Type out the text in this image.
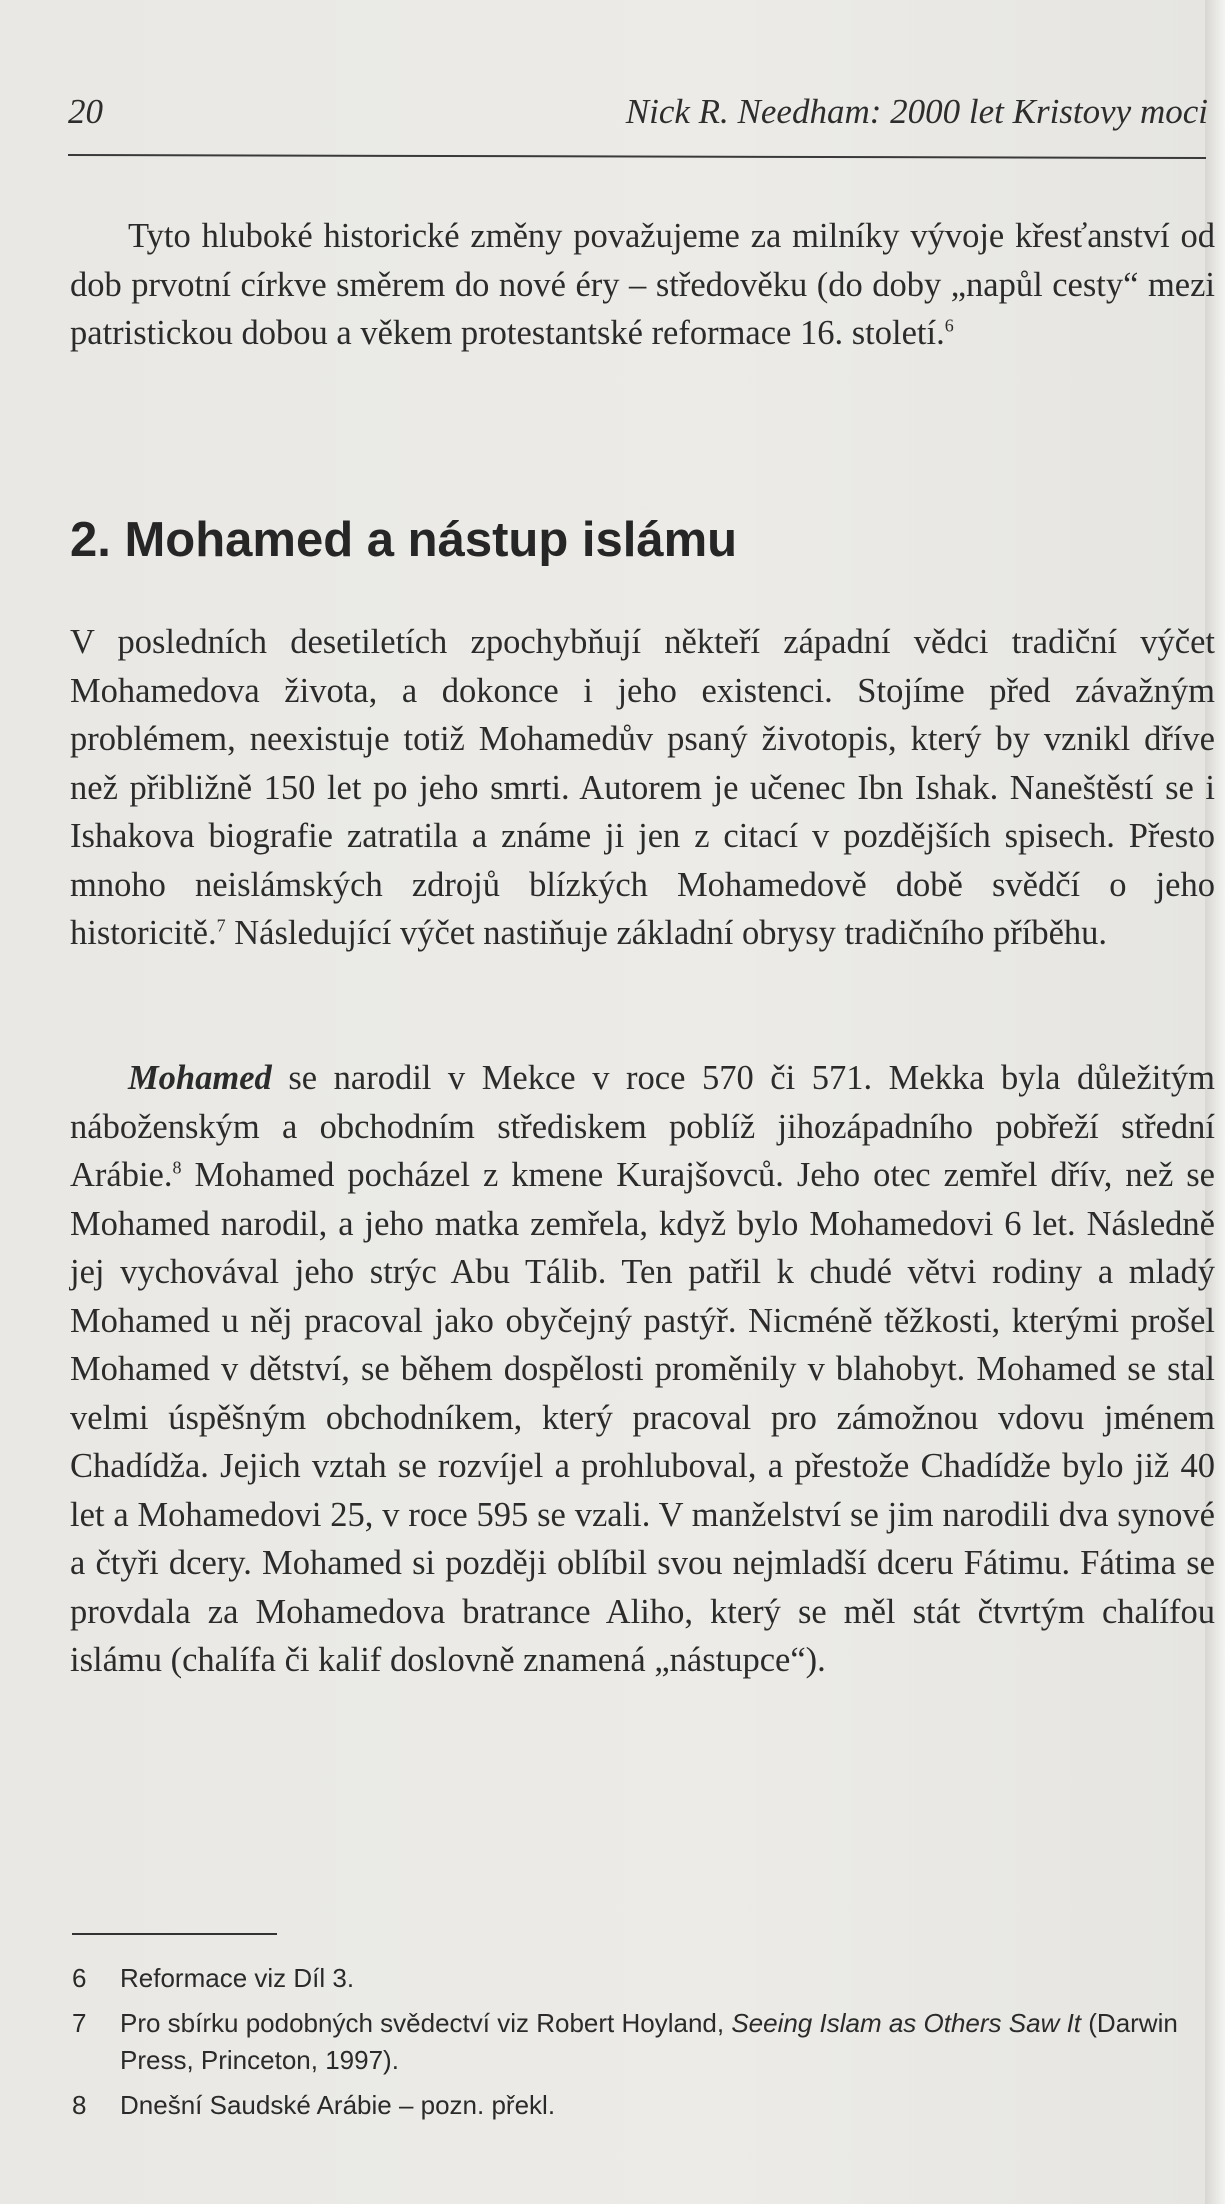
20	Nick R. Needham: 2000 let Kristovy moci

Tyto hluboké historické změny považujeme za milníky vývoje křesťanství od dob prvotní církve směrem do nové éry – středověku (do doby „napůl cesty“ mezi patristickou dobou a věkem protestantské reformace 16. století.$^6$

2. Mohamed a nástup islámu

V posledních desetiletích zpochybňují někteří západní vědci tradiční výčet Mohamedova života, a dokonce i jeho existenci. Stojíme před závažným problémem, neexistuje totiž Mohamedův psaný životopis, který by vznikl dříve než přibližně 150 let po jeho smrti. Autorem je učenec Ibn Ishak. Naneštěstí se i Ishakova biografie zatratila a známe ji jen z citací v pozdějších spisech. Přesto mnoho neislámských zdrojů blízkých Mohamedově době svědčí o jeho historicitě.$^7$ Následující výčet nastiňuje základní obrysy tradičního příběhu.

Mohamed se narodil v Mekce v roce 570 či 571. Mekka byla důležitým náboženským a obchodním střediskem poblíž jihozápadního pobřeží střední Arábie.$^8$ Mohamed pocházel z kmene Kurajšovců. Jeho otec zemřel dřív, než se Mohamed narodil, a jeho matka zemřela, když bylo Mohamedovi 6 let. Následně jej vychovával jeho strýc Abu Tálib. Ten patřil k chudé větvi rodiny a mladý Mohamed u něj pracoval jako obyčejný pastýř. Nicméně těžkosti, kterými prošel Mohamed v dětství, se během dospělosti proměnily v blahobyt. Mohamed se stal velmi úspěšným obchodníkem, který pracoval pro zámožnou vdovu jménem Chadídža. Jejich vztah se rozvíjel a prohluboval, a přestože Chadídže bylo již 40 let a Mohamedovi 25, v roce 595 se vzali. V manželství se jim narodili dva synové a čtyři dcery. Mohamed si později oblíbil svou nejmladší dceru Fátimu. Fátima se provdala za Mohamedova bratrance Aliho, který se měl stát čtvrtým chalífou islámu (chalífa či kalif doslovně znamená „nástupce“).

6 Reformace viz Díl 3.
7 Pro sbírku podobných svědectví viz Robert Hoyland, Seeing Islam as Others Saw It (Darwin Press, Princeton, 1997).
8 Dnešní Saudské Arábie – pozn. překl.
